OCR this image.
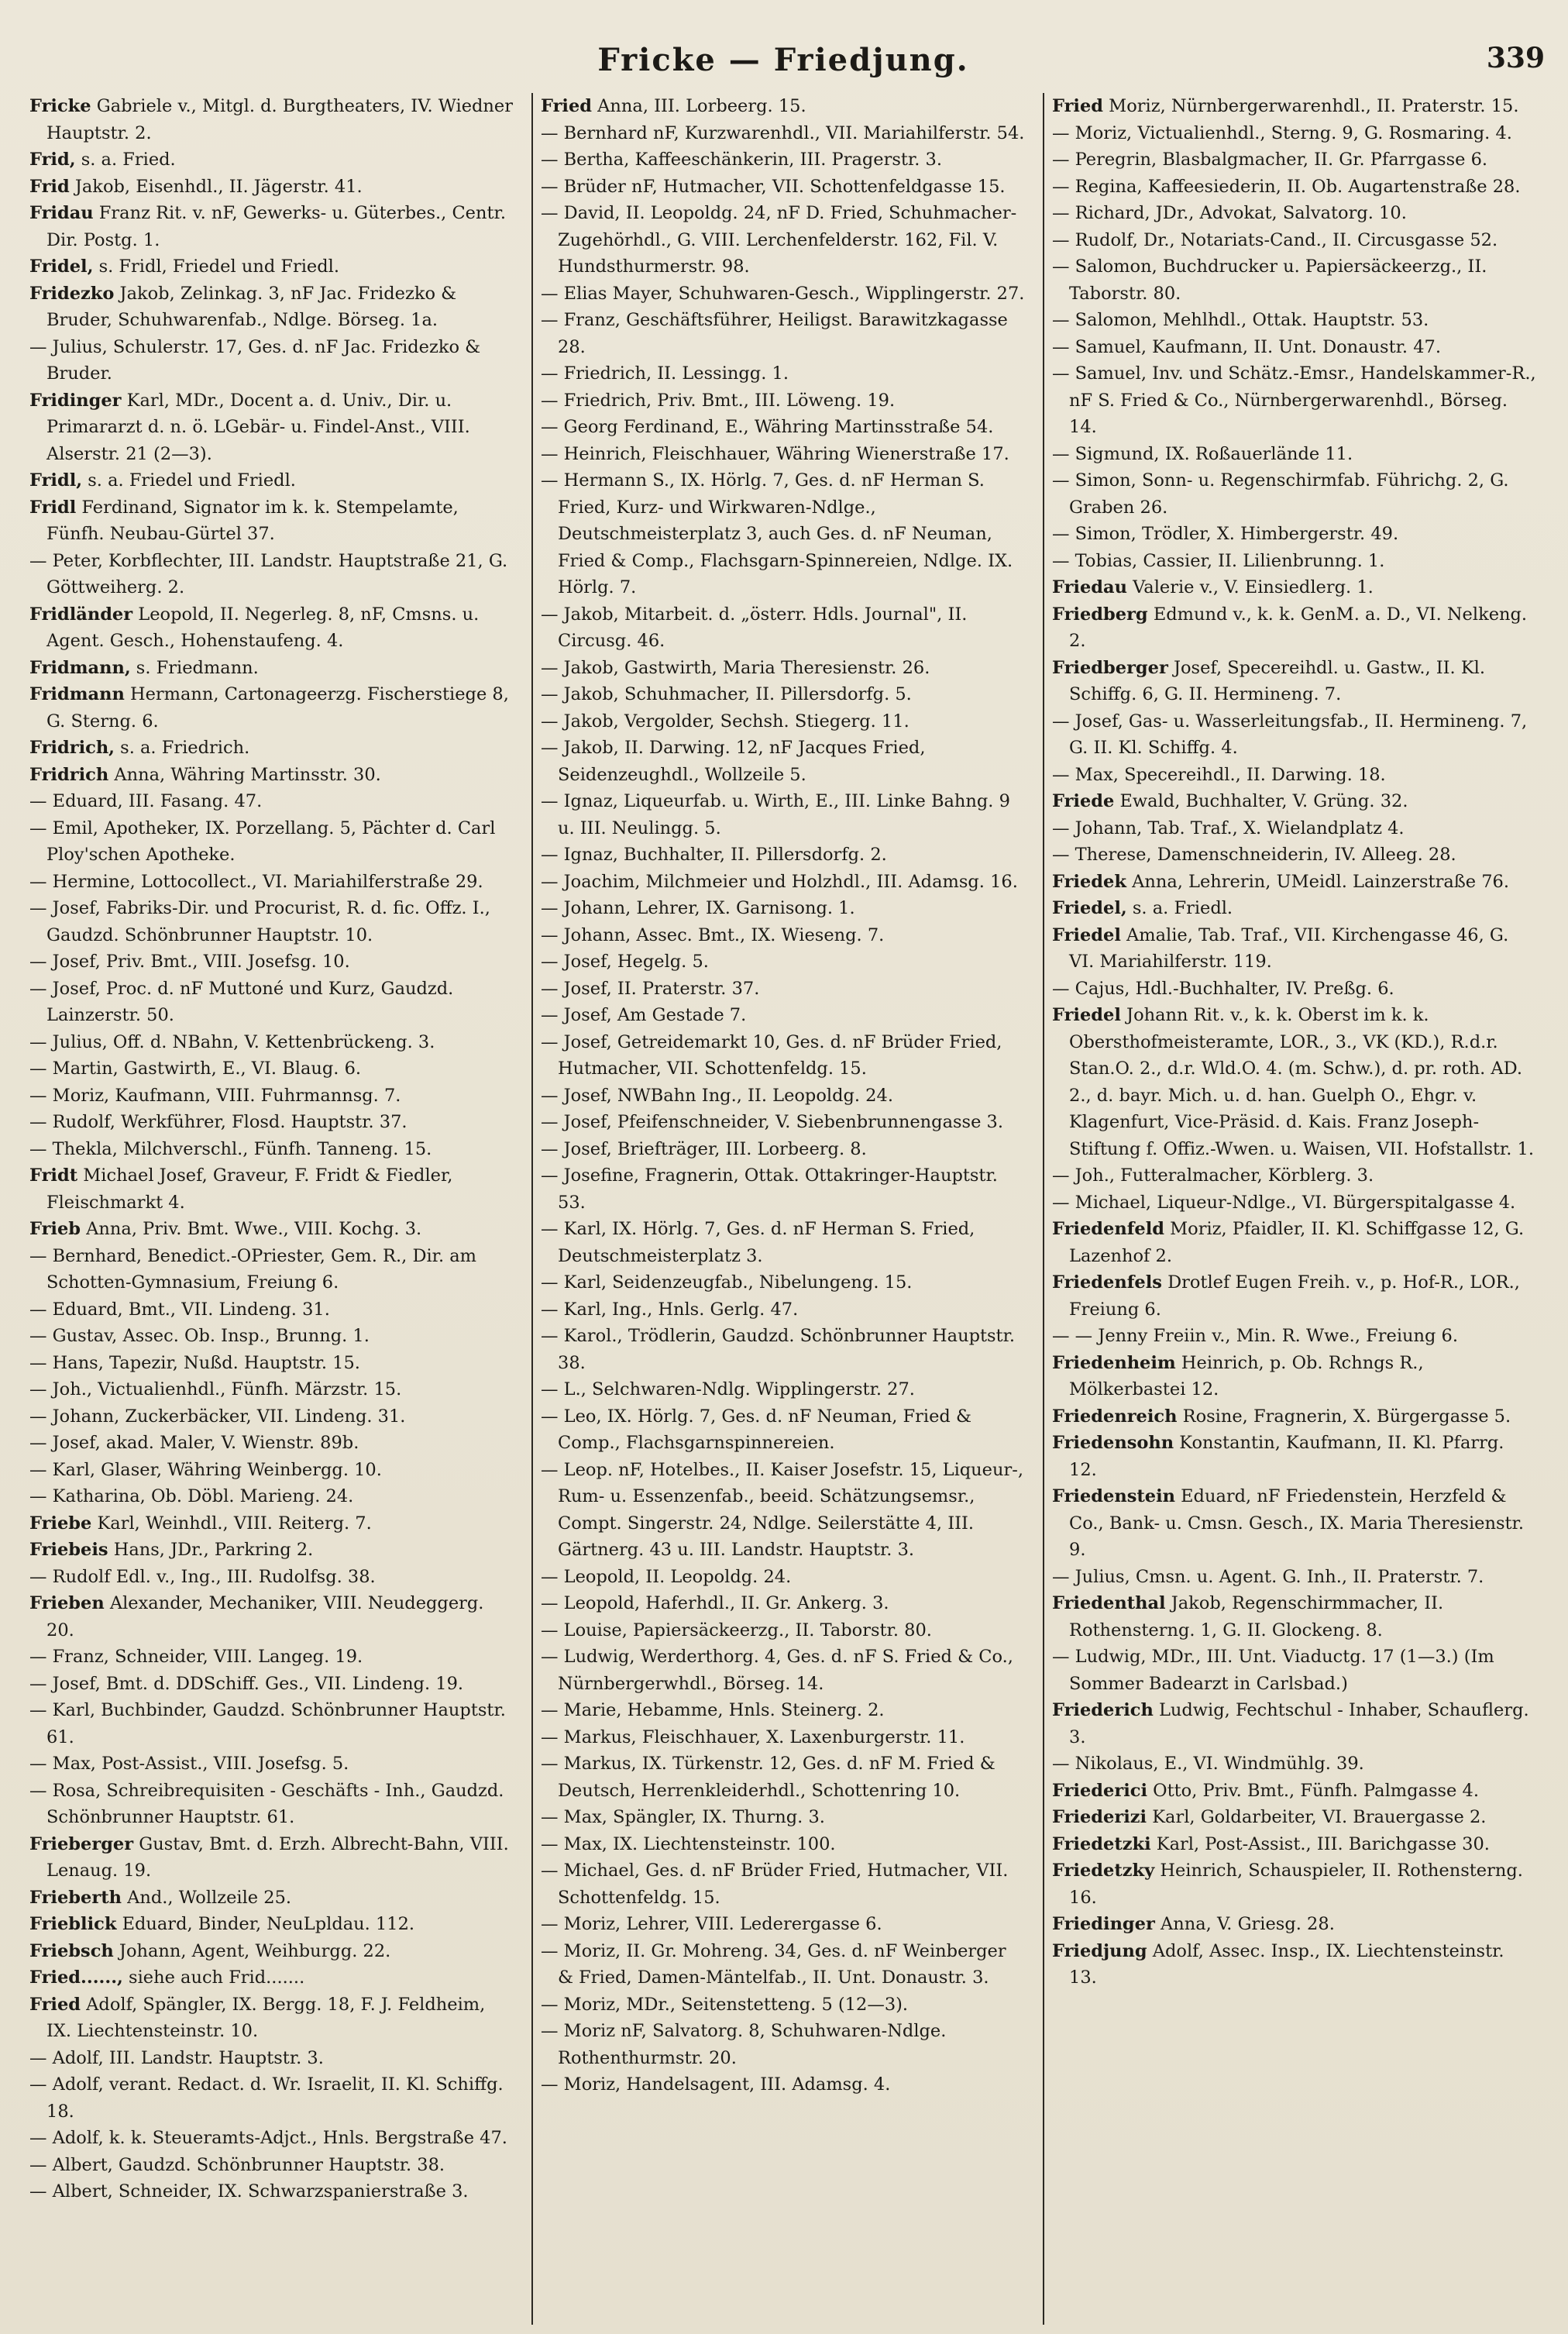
Fricke — Friedjung.	339

Fricke Gabriele v., Mitgl. d. Burgtheaters, IV. Wiedner Hauptstr. 2.

Frid, s. a. Fried.

Frid Jakob, Eisenhdl., II. Jägerstr. 41.

Fridau Franz Rit. v. nF, Gewerks- u. Güterbes., Centr. Dir. Postg. 1.

Fridel, s. Fridl, Friedel und Friedl.

Fridezko Jakob, Zelinkag. 3, nF Jac. Fridezko & Bruder, Schuhwarenfab., Ndlge. Börseg. 1a.

— Julius, Schulerstr. 17, Ges. d. nF Jac. Fridezko & Bruder.

Fridinger Karl, MDr., Docent a. d. Univ., Dir. u. Primararzt d. n. ö. LGebär- u. Findel-Anst., VIII. Alserstr. 21 (2—3).

Fridl, s. a. Friedel und Friedl.

Fridl Ferdinand, Signator im k. k. Stempelamte, Fünfh. Neubau-Gürtel 37.

— Peter, Korbflechter, III. Landstr. Hauptstraße 21, G. Göttweiherg. 2.

Fridländer Leopold, II. Negerleg. 8, nF, Cmsns. u. Agent. Gesch., Hohenstaufeng. 4.

Fridmann, s. Friedmann.

Fridmann Hermann, Cartonageerzg. Fischerstiege 8, G. Sterng. 6.

Fridrich, s. a. Friedrich.

Fridrich Anna, Währing Martinsstr. 30.

— Eduard, III. Fasang. 47.

— Emil, Apotheker, IX. Porzellang. 5, Pächter d. Carl Ploy'schen Apotheke.

— Hermine, Lottocollect., VI. Mariahilferstraße 29.

— Josef, Fabriks-Dir. und Procurist, R. d. fic. Offz. I., Gaudzd. Schönbrunner Hauptstr. 10.

— Josef, Priv. Bmt., VIII. Josefsg. 10.

— Josef, Proc. d. nF Muttoné und Kurz, Gaudzd. Lainzerstr. 50.

— Julius, Off. d. NBahn, V. Kettenbrückeng. 3.

— Martin, Gastwirth, E., VI. Blaug. 6.

— Moriz, Kaufmann, VIII. Fuhrmannsg. 7.

— Rudolf, Werkführer, Flosd. Hauptstr. 37.

— Thekla, Milchverschl., Fünfh. Tanneng. 15.

Fridt Michael Josef, Graveur, F. Fridt & Fiedler, Fleischmarkt 4.

Frieb Anna, Priv. Bmt. Wwe., VIII. Kochg. 3.

— Bernhard, Benedict.-OPriester, Gem. R., Dir. am Schotten-Gymnasium, Freiung 6.

— Eduard, Bmt., VII. Lindeng. 31.

— Gustav, Assec. Ob. Insp., Brunng. 1.

— Hans, Tapezir, Nußd. Hauptstr. 15.

— Joh., Victualienhdl., Fünfh. Märzstr. 15.

— Johann, Zuckerbäcker, VII. Lindeng. 31.

— Josef, akad. Maler, V. Wienstr. 89b.

— Karl, Glaser, Währing Weinbergg. 10.

— Katharina, Ob. Döbl. Marieng. 24.

Friebe Karl, Weinhdl., VIII. Reiterg. 7.

Friebeis Hans, JDr., Parkring 2.

— Rudolf Edl. v., Ing., III. Rudolfsg. 38.

Frieben Alexander, Mechaniker, VIII. Neudeggerg. 20.

— Franz, Schneider, VIII. Langeg. 19.

— Josef, Bmt. d. DDSchiff. Ges., VII. Lindeng. 19.

— Karl, Buchbinder, Gaudzd. Schönbrunner Hauptstr. 61.

— Max, Post-Assist., VIII. Josefsg. 5.

— Rosa, Schreibrequisiten - Geschäfts - Inh., Gaudzd. Schönbrunner Hauptstr. 61.

Frieberger Gustav, Bmt. d. Erzh. Albrecht-Bahn, VIII. Lenaug. 19.

Frieberth And., Wollzeile 25.

Frieblick Eduard, Binder, NeuLpldau. 112.

Friebsch Johann, Agent, Weihburgg. 22.

Fried......, siehe auch Frid.......

Fried Adolf, Spängler, IX. Bergg. 18, F. J. Feldheim, IX. Liechtensteinstr. 10.

— Adolf, III. Landstr. Hauptstr. 3.

— Adolf, verant. Redact. d. Wr. Israelit, II. Kl. Schiffg. 18.

— Adolf, k. k. Steueramts-Adjct., Hnls. Bergstraße 47.

— Albert, Gaudzd. Schönbrunner Hauptstr. 38.

— Albert, Schneider, IX. Schwarzspanierstraße 3.

Fried Anna, III. Lorbeerg. 15.

— Bernhard nF, Kurzwarenhdl., VII. Mariahilferstr. 54.

— Bertha, Kaffeeschänkerin, III. Pragerstr. 3.

— Brüder nF, Hutmacher, VII. Schottenfeldgasse 15.

— David, II. Leopoldg. 24, nF D. Fried, Schuhmacher-Zugehörhdl., G. VIII. Lerchenfelderstr. 162, Fil. V. Hundsthurmerstr. 98.

— Elias Mayer, Schuhwaren-Gesch., Wipplingerstr. 27.

— Franz, Geschäftsführer, Heiligst. Barawitzkagasse 28.

— Friedrich, II. Lessingg. 1.

— Friedrich, Priv. Bmt., III. Löweng. 19.

— Georg Ferdinand, E., Währing Martinsstraße 54.

— Heinrich, Fleischhauer, Währing Wienerstraße 17.

— Hermann S., IX. Hörlg. 7, Ges. d. nF Herman S. Fried, Kurz- und Wirkwaren-Ndlge., Deutschmeisterplatz 3, auch Ges. d. nF Neuman, Fried & Comp., Flachsgarn-Spinnereien, Ndlge. IX. Hörlg. 7.

— Jakob, Mitarbeit. d. „österr. Hdls. Journal", II. Circusg. 46.

— Jakob, Gastwirth, Maria Theresienstr. 26.

— Jakob, Schuhmacher, II. Pillersdorfg. 5.

— Jakob, Vergolder, Sechsh. Stiegerg. 11.

— Jakob, II. Darwing. 12, nF Jacques Fried, Seidenzeughdl., Wollzeile 5.

— Ignaz, Liqueurfab. u. Wirth, E., III. Linke Bahng. 9 u. III. Neulingg. 5.

— Ignaz, Buchhalter, II. Pillersdorfg. 2.

— Joachim, Milchmeier und Holzhdl., III. Adamsg. 16.

— Johann, Lehrer, IX. Garnisong. 1.

— Johann, Assec. Bmt., IX. Wieseng. 7.

— Josef, Hegelg. 5.

— Josef, II. Praterstr. 37.

— Josef, Am Gestade 7.

— Josef, Getreidemarkt 10, Ges. d. nF Brüder Fried, Hutmacher, VII. Schottenfeldg. 15.

— Josef, NWBahn Ing., II. Leopoldg. 24.

— Josef, Pfeifenschneider, V. Siebenbrunnengasse 3.

— Josef, Briefträger, III. Lorbeerg. 8.

— Josefine, Fragnerin, Ottak. Ottakringer-Hauptstr. 53.

— Karl, IX. Hörlg. 7, Ges. d. nF Herman S. Fried, Deutschmeisterplatz 3.

— Karl, Seidenzeugfab., Nibelungeng. 15.

— Karl, Ing., Hnls. Gerlg. 47.

— Karol., Trödlerin, Gaudzd. Schönbrunner Hauptstr. 38.

— L., Selchwaren-Ndlg. Wipplingerstr. 27.

— Leo, IX. Hörlg. 7, Ges. d. nF Neuman, Fried & Comp., Flachsgarnspinnereien.

— Leop. nF, Hotelbes., II. Kaiser Josefstr. 15, Liqueur-, Rum- u. Essenzenfab., beeid. Schätzungsemsr., Compt. Singerstr. 24, Ndlge. Seilerstätte 4, III. Gärtnerg. 43 u. III. Landstr. Hauptstr. 3.

— Leopold, II. Leopoldg. 24.

— Leopold, Haferhdl., II. Gr. Ankerg. 3.

— Louise, Papiersäckeerzg., II. Taborstr. 80.

— Ludwig, Werderthorg. 4, Ges. d. nF S. Fried & Co., Nürnbergerwhdl., Börseg. 14.

— Marie, Hebamme, Hnls. Steinerg. 2.

— Markus, Fleischhauer, X. Laxenburgerstr. 11.

— Markus, IX. Türkenstr. 12, Ges. d. nF M. Fried & Deutsch, Herrenkleiderhdl., Schottenring 10.

— Max, Spängler, IX. Thurng. 3.

— Max, IX. Liechtensteinstr. 100.

— Michael, Ges. d. nF Brüder Fried, Hutmacher, VII. Schottenfeldg. 15.

— Moriz, Lehrer, VIII. Lederergasse 6.

— Moriz, II. Gr. Mohreng. 34, Ges. d. nF Weinberger & Fried, Damen-Mäntelfab., II. Unt. Donaustr. 3.

— Moriz, MDr., Seitenstetteng. 5 (12—3).

— Moriz nF, Salvatorg. 8, Schuhwaren-Ndlge. Rothenthurmstr. 20.

— Moriz, Handelsagent, III. Adamsg. 4.

Fried Moriz, Nürnbergerwarenhdl., II. Praterstr. 15.

— Moriz, Victualienhdl., Sterng. 9, G. Rosmaring. 4.

— Peregrin, Blasbalgmacher, II. Gr. Pfarrgasse 6.

— Regina, Kaffeesiederin, II. Ob. Augartenstraße 28.

— Richard, JDr., Advokat, Salvatorg. 10.

— Rudolf, Dr., Notariats-Cand., II. Circusgasse 52.

— Salomon, Buchdrucker u. Papiersäckeerzg., II. Taborstr. 80.

— Salomon, Mehlhdl., Ottak. Hauptstr. 53.

— Samuel, Kaufmann, II. Unt. Donaustr. 47.

— Samuel, Inv. und Schätz.-Emsr., Handelskammer-R., nF S. Fried & Co., Nürnbergerwarenhdl., Börseg. 14.

— Sigmund, IX. Roßauerlände 11.

— Simon, Sonn- u. Regenschirmfab. Führichg. 2, G. Graben 26.

— Simon, Trödler, X. Himbergerstr. 49.

— Tobias, Cassier, II. Lilienbrunng. 1.

Friedau Valerie v., V. Einsiedlerg. 1.

Friedberg Edmund v., k. k. GenM. a. D., VI. Nelkeng. 2.

Friedberger Josef, Specereihdl. u. Gastw., II. Kl. Schiffg. 6, G. II. Hermineng. 7.

— Josef, Gas- u. Wasserleitungsfab., II. Hermineng. 7, G. II. Kl. Schiffg. 4.

— Max, Specereihdl., II. Darwing. 18.

Friede Ewald, Buchhalter, V. Grüng. 32.

— Johann, Tab. Traf., X. Wielandplatz 4.

— Therese, Damenschneiderin, IV. Alleeg. 28.

Friedek Anna, Lehrerin, UMeidl. Lainzerstraße 76.

Friedel, s. a. Friedl.

Friedel Amalie, Tab. Traf., VII. Kirchengasse 46, G. VI. Mariahilferstr. 119.

— Cajus, Hdl.-Buchhalter, IV. Preßg. 6.

Friedel Johann Rit. v., k. k. Oberst im k. k. Obersthofmeisteramte, LOR., 3., VK (KD.), R.d.r. Stan.O. 2., d.r. Wld.O. 4. (m. Schw.), d. pr. roth. AD. 2., d. bayr. Mich. u. d. han. Guelph O., Ehgr. v. Klagenfurt, Vice-Präsid. d. Kais. Franz Joseph-Stiftung f. Offiz.-Wwen. u. Waisen, VII. Hofstallstr. 1.

— Joh., Futteralmacher, Körblerg. 3.

— Michael, Liqueur-Ndlge., VI. Bürgerspitalgasse 4.

Friedenfeld Moriz, Pfaidler, II. Kl. Schiffgasse 12, G. Lazenhof 2.

Friedenfels Drotlef Eugen Freih. v., p. Hof-R., LOR., Freiung 6.

— — Jenny Freiin v., Min. R. Wwe., Freiung 6.

Friedenheim Heinrich, p. Ob. Rchngs R., Mölkerbastei 12.

Friedenreich Rosine, Fragnerin, X. Bürgergasse 5.

Friedensohn Konstantin, Kaufmann, II. Kl. Pfarrg. 12.

Friedenstein Eduard, nF Friedenstein, Herzfeld & Co., Bank- u. Cmsn. Gesch., IX. Maria Theresienstr. 9.

— Julius, Cmsn. u. Agent. G. Inh., II. Praterstr. 7.

Friedenthal Jakob, Regenschirmmacher, II. Rothensterng. 1, G. II. Glockeng. 8.

— Ludwig, MDr., III. Unt. Viaductg. 17 (1—3.) (Im Sommer Badearzt in Carlsbad.)

Friederich Ludwig, Fechtschul - Inhaber, Schauflerg. 3.

— Nikolaus, E., VI. Windmühlg. 39.

Friederici Otto, Priv. Bmt., Fünfh. Palmgasse 4.

Friederizi Karl, Goldarbeiter, VI. Brauergasse 2.

Friedetzki Karl, Post-Assist., III. Barichgasse 30.

Friedetzky Heinrich, Schauspieler, II. Rothensterng. 16.

Friedinger Anna, V. Griesg. 28.

Friedjung Adolf, Assec. Insp., IX. Liechtensteinstr. 13.
